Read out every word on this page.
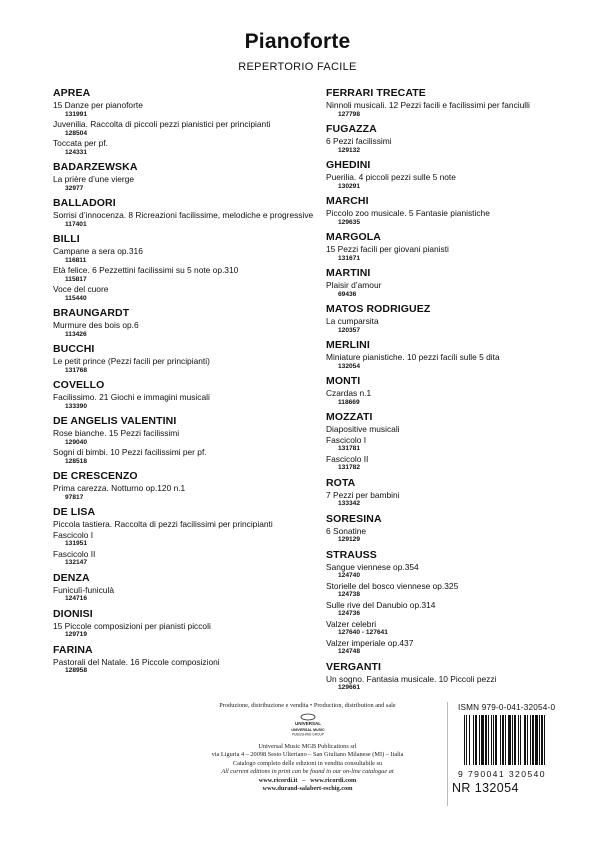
Pianoforte
REPERTORIO FACILE
APREA
15 Danze per pianoforte
131991
Juvenilia. Raccolta di piccoli pezzi pianistici per principianti
128504
Toccata per pf.
124331
BADARZEWSKA
La prière d’une vierge
32977
BALLADORI
Sorrisi d’innocenza. 8 Ricreazioni facilissime, melodiche e progressive
117401
BILLI
Campane a sera op.316
116811
Età felice. 6 Pezzettini facilissimi su 5 note op.310
115817
Voce del cuore
115440
BRAUNGARDT
Murmure des bois op.6
113426
BUCCHI
Le petit prince (Pezzi facili per principianti)
131768
COVELLO
Facilissimo. 21 Giochi e immagini musicali
133390
DE ANGELIS VALENTINI
Rose bianche. 15 Pezzi facilissimi
129040
Sogni di bimbi. 10 Pezzi facilissimi per pf.
128518
DE CRESCENZO
Prima carezza. Notturno op.120 n.1
97817
DE LISA
Piccola tastiera. Raccolta di pezzi facilissimi per principianti
Fascicolo I
131951
Fascicolo II
132147
DENZA
Funiculì-funiculà
124716
DIONISI
15 Piccole composizioni per pianisti piccoli
129719
FARINA
Pastorali del Natale. 16 Piccole composizioni
128958
FERRARI TRECATE
Ninnoli musicali. 12 Pezzi facili e facilissimi per fanciulli
127798
FUGAZZA
6 Pezzi facilissimi
129132
GHEDINI
Puerilia. 4 piccoli pezzi sulle 5 note
130291
MARCHI
Piccolo zoo musicale. 5 Fantasie pianistiche
129635
MARGOLA
15 Pezzi facili per giovani pianisti
131671
MARTINI
Plaisir d’amour
69436
MATOS RODRIGUEZ
La cumparsita
120357
MERLINI
Miniature pianistiche. 10 pezzi facili sulle 5 dita
132054
MONTI
Czardas n.1
118669
MOZZATI
Diapositive musicali
Fascicolo I
131781
Fascicolo II
131782
ROTA
7 Pezzi per bambini
133342
SORESINA
6 Sonatine
129129
STRAUSS
Sangue viennese op.354
124740
Storielle del bosco viennese op.325
124738
Sulle rive del Danubio op.314
124736
Valzer celebri
127640 - 127641
Valzer imperiale op.437
124748
VERGANTI
Un sogno. Fantasia musicale. 10 Piccoli pezzi
129661
Produzione, distribuzione e vendita • Production, distribution and sale
UNIVERSAL
UNIVERSAL MUSIC
PUBLISHING GROUP
Universal Music MGB Publications srl
via Liguria 4 – 20098 Sesto Ulteriano – San Giuliano Milanese (MI) – Italia
Catalogo completo delle edizioni in vendita consultabile su
All current editions in print can be found in our on-line catalogue at
www.ricordi.it   –   www.ricordi.com
www.durand-salabert-eschig.com
ISMN 979-0-041-32054-0
9 790041 320540
NR 132054
